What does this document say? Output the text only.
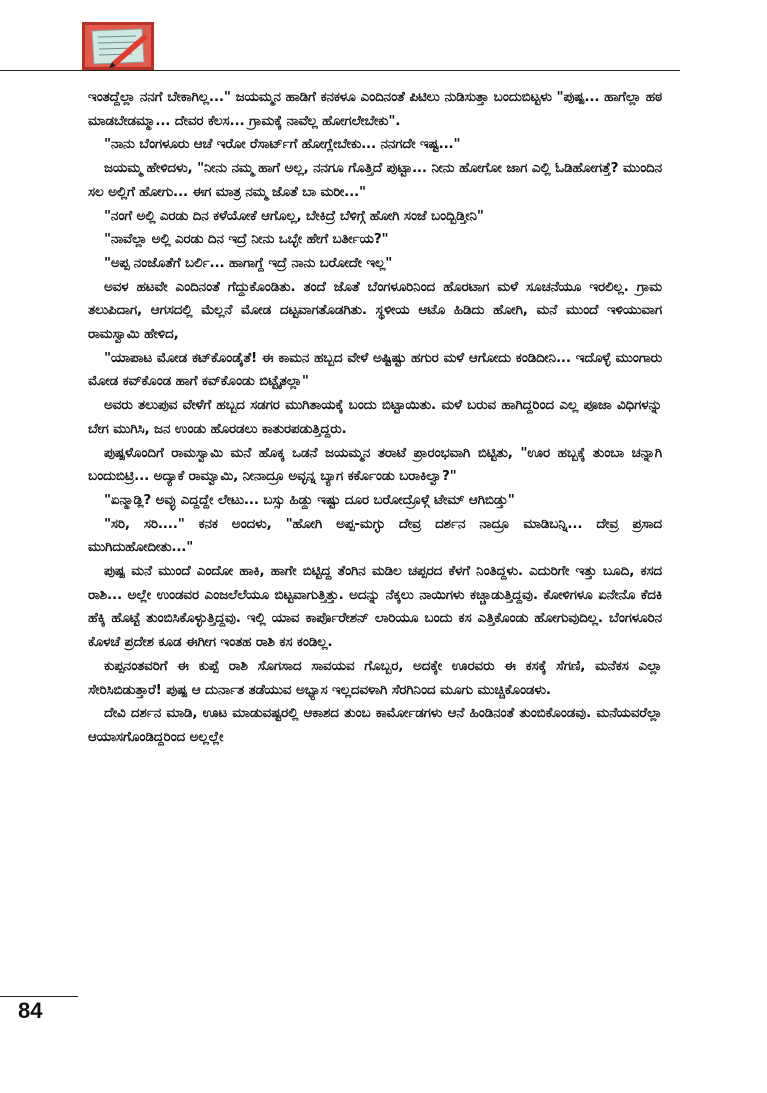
ಇಂತದ್ದೆಲ್ಲಾ ನನಗೆ ಬೇಕಾಗಿಲ್ಲ..." ಜಯಮ್ಮನ ಹಾಡಿಗೆ ಕನಕಳೂ ಎಂದಿನಂತೆ ಪಿಟಿಲು ನುಡಿಸುತ್ತಾ ಬಂದುಬಿಟ್ಟಳು "ಪುಷ್ಪ... ಹಾಗೆಲ್ಲಾ ಹಠ ಮಾಡಬೇಡಮ್ಮಾ... ದೇವರ ಕೆಲಸ... ಗ್ರಾಮಕ್ಕೆ ನಾವೆಲ್ಲ ಹೋಗಲೇಬೇಕು".

"ನಾನು ಬೆಂಗಳೂರು ಆಚೆ ಇರೋ ರೆಸಾರ್ಟ್‌ಗೆ ಹೋಗ್ಲೇಬೇಕು... ನನಗದೇ ಇಷ್ಟ..."

ಜಯಮ್ಮ ಹೇಳಿದಳು, "ನೀನು ನಮ್ಮ ಹಾಗೆ ಅಲ್ಲ, ನನಗೂ ಗೊತ್ತಿದೆ ಪುಟ್ಟಾ... ನೀನು ಹೋಗೋ ಜಾಗ ಎಲ್ಲಿ ಓಡಿಹೋಗತ್ತೆ? ಮುಂದಿನ ಸಲ ಅಲ್ಲಿಗೆ ಹೋಗು... ಈಗ ಮಾತ್ರ ನಮ್ಮ ಜೊತೆ ಬಾ ಮರೀ..."

"ನಂಗೆ ಅಲ್ಲಿ ಎರಡು ದಿನ ಕಳೆಯೋಕೆ ಆಗೊಲ್ಲ, ಬೇಕಿದ್ರೆ ಬೆಳಿಗ್ಗೆ ಹೋಗಿ ಸಂಜೆ ಬಂದ್ಬಿಡ್ತೀನಿ"

"ನಾವೆಲ್ಲಾ ಅಲ್ಲಿ ಎರಡು ದಿನ ಇದ್ರೆ ನೀನು ಒಬ್ಳೇ ಹೇಗೆ ಬರ್ತೀಯ?"

"ಅಪ್ಪ ನಂಜೊತೆಗೆ ಬರ್ಲಿ... ಹಾಗಾಗ್ದೆ ಇದ್ರೆ ನಾನು ಬರೋದೇ ಇಲ್ಲ"

ಅವಳ ಹಟವೇ ಎಂದಿನಂತೆ ಗೆದ್ದುಕೊಂಡಿತು. ತಂದೆ ಜೊತೆ ಬೆಂಗಳೂರಿನಿಂದ ಹೊರಟಾಗ ಮಳೆ ಸೂಚನೆಯೂ ಇರಲಿಲ್ಲ. ಗ್ರಾಮ ತಲುಪಿದಾಗ, ಆಗಸದಲ್ಲಿ ಮೆಲ್ಲನೆ ಮೋಡ ದಟ್ಟವಾಗತೊಡಗಿತು. ಸ್ಥಳೀಯ ಆಟೊ ಹಿಡಿದು ಹೋಗಿ, ಮನೆ ಮುಂದೆ ಇಳಿಯುವಾಗ ರಾಮಸ್ವಾಮಿ ಹೇಳಿದ,

"ಯಾಪಾಟ ಮೋಡ ಕಟ್‌ಕೊಂಡೈತೆ! ಈ ಕಾಮನ ಹಬ್ಬದ ವೇಳೆ ಅಷ್ಟಿಷ್ಟು ಹಗುರ ಮಳೆ ಆಗೋದು ಕಂಡಿದೀನಿ... ಇದೊಳ್ಳೆ ಮುಂಗಾರು ಮೋಡ ಕವ್‌ಕೊಂಡ ಹಾಗೆ ಕವ್‌ಕೊಂಡು ಬಿಟ್ಟೈತಲ್ಲಾ"

ಅವರು ತಲುಪುವ ವೇಳೆಗೆ ಹಬ್ಬದ ಸಡಗರ ಮುಗಿತಾಯಕ್ಕೆ ಬಂದು ಬಿಟ್ಟಾಯಿತು. ಮಳೆ ಬರುವ ಹಾಗಿದ್ದರಿಂದ ಎಲ್ಲ ಪೂಜಾ ವಿಧಿಗಳನ್ನು ಬೇಗ ಮುಗಿಸಿ, ಜನ ಉಂಡು ಹೊರಡಲು ಕಾತುರಪಡುತ್ತಿದ್ದರು.

ಪುಷ್ಪಳೊಂದಿಗೆ ರಾಮಸ್ವಾಮಿ ಮನೆ ಹೊಕ್ಕ ಒಡನೆ ಜಯಮ್ಮನ ತರಾಟೆ ಪ್ರಾರಂಭವಾಗಿ ಬಿಟ್ಟಿತು, "ಊರ ಹಬ್ಬಕ್ಕೆ ತುಂಬಾ ಚನ್ನಾಗಿ ಬಂದುಬಿಟ್ರಿ... ಅದ್ಯಾಕೆ ರಾಮ್ವಾಮಿ, ನೀನಾದ್ರೂ ಅವ್ಳನ್ನ ಬ್ಯಾಗ ಕರ್ಕೊಂಡು ಬರಾಕಿಲ್ವಾ?"

"ಏನ್ಮಾಡ್ಲಿ? ಅವ್ಳು ಎದ್ದದ್ದೇ ಲೇಟು... ಬಸ್ಸು ಹಿಡ್ದು ಇಷ್ಟು ದೂರ ಬರೋದ್ರೊಳ್ಗೆ ಟೇಮ್ ಆಗಿಬಿಡ್ತು"

"ಸರಿ, ಸರಿ...." ಕನಕ ಅಂದಳು, "ಹೋಗಿ ಅಪ್ಪ-ಮಗ್ಳು ದೇವ್ರ ದರ್ಶನ ನಾದ್ರೂ ಮಾಡಿಬನ್ನಿ... ದೇವ್ರ ಪ್ರಸಾದ ಮುಗಿದುಹೋದೀತು..."

ಪುಷ್ಪ ಮನೆ ಮುಂದೆ ಎಂದೋ ಹಾಕಿ, ಹಾಗೇ ಬಿಟ್ಟಿದ್ದ ತೆಂಗಿನ ಮಡಿಲ ಚಪ್ಪರದ ಕೆಳಗೆ ನಿಂತಿದ್ದಳು. ಎದುರಿಗೇ ಇತ್ತು ಬೂದಿ, ಕಸದ ರಾಶಿ... ಅಲ್ಲೇ ಉಂಡವರ ಎಂಜಲೆಲೆಯೂ ಬಿಟ್ಟವಾಗುತ್ತಿತ್ತು. ಅದನ್ನು ನೆಕ್ಕಲು ನಾಯಿಗಳು ಕಚ್ಚಾಡುತ್ತಿದ್ದವು. ಕೋಳಿಗಳೂ ಏನೇನೊ ಕೆದಕಿ ಹೆಕ್ಕಿ ಹೊಟ್ಟೆ ತುಂಬಿಸಿಕೊಳ್ಳುತ್ತಿದ್ದವು. ಇಲ್ಲಿ ಯಾವ ಕಾರ್ಪೊರೇಶನ್ ಲಾರಿಯೂ ಬಂದು ಕಸ ಎತ್ತಿಕೊಂಡು ಹೋಗುವುದಿಲ್ಲ. ಬೆಂಗಳೂರಿನ ಕೊಳಚೆ ಪ್ರದೇಶ ಕೂಡ ಈಗೀಗ ಇಂತಹ ರಾಶಿ ಕಸ ಕಂಡಿಲ್ಲ.

ಕುಪ್ಪನಂತವರಿಗೆ ಈ ಕುಪ್ಪೆ ರಾಶಿ ಸೊಗಸಾದ ಸಾವಯವ ಗೊಬ್ಬರ, ಅದಕ್ಕೇ ಊರವರು ಈ ಕಸಕ್ಕೆ ಸೆಗಣಿ, ಮನೆಕಸ ಎಲ್ಲಾ ಸೇರಿಸಿಬಿಡುತ್ತಾರೆ! ಪುಷ್ಪ ಆ ದುರ್ನಾತ ತಡೆಯುವ ಅಭ್ಯಾಸ ಇಲ್ಲದವಳಾಗಿ ಸೆರಗಿನಿಂದ ಮೂಗು ಮುಚ್ಚಿಕೊಂಡಳು.

ದೇವಿ ದರ್ಶನ ಮಾಡಿ, ಊಟ ಮಾಡುವಷ್ಟರಲ್ಲಿ ಆಕಾಶದ ತುಂಬ ಕಾರ್ಮೋಡಗಳು ಆನೆ ಹಿಂಡಿನಂತೆ ತುಂಬಿಕೊಂಡವು. ಮನೆಯವರೆಲ್ಲಾ ಆಯಾಸಗೊಂಡಿದ್ದರಿಂದ ಅಲ್ಲಲ್ಲೇ

84
